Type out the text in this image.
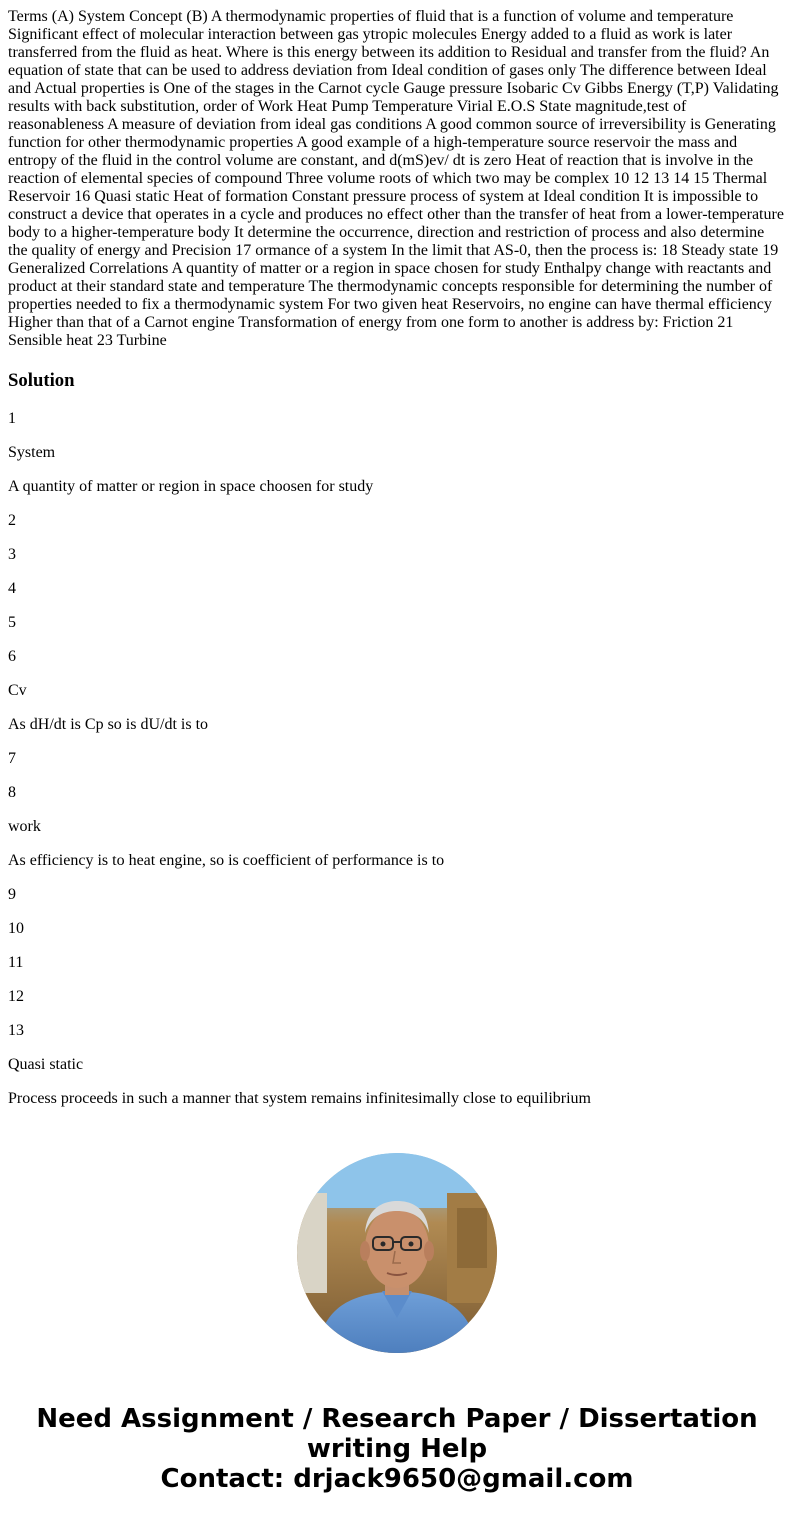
Terms (A) System Concept (B) A thermodynamic properties of fluid that is a function of volume and temperature Significant effect of molecular interaction between gas ytropic molecules Energy added to a fluid as work is later transferred from the fluid as heat. Where is this energy between its addition to Residual and transfer from the fluid? An equation of state that can be used to address deviation from Ideal condition of gases only The difference between Ideal and Actual properties is One of the stages in the Carnot cycle Gauge pressure Isobaric Cv Gibbs Energy (T,P) Validating results with back substitution, order of Work Heat Pump Temperature Virial E.O.S State magnitude,test of reasonableness A measure of deviation from ideal gas conditions A good common source of irreversibility is Generating function for other thermodynamic properties A good example of a high-temperature source reservoir the mass and entropy of the fluid in the control volume are constant, and d(mS)ev/ dt is zero Heat of reaction that is involve in the reaction of elemental species of compound Three volume roots of which two may be complex 10 12 13 14 15 Thermal Reservoir 16 Quasi static Heat of formation Constant pressure process of system at Ideal condition It is impossible to construct a device that operates in a cycle and produces no effect other than the transfer of heat from a lower-temperature body to a higher-temperature body It determine the occurrence, direction and restriction of process and also determine the quality of energy and Precision 17 ormance of a system In the limit that AS-0, then the process is: 18 Steady state 19 Generalized Correlations A quantity of matter or a region in space chosen for study Enthalpy change with reactants and product at their standard state and temperature The thermodynamic concepts responsible for determining the number of properties needed to fix a thermodynamic system For two given heat Reservoirs, no engine can have thermal efficiency Higher than that of a Carnot engine Transformation of energy from one form to another is address by: Friction 21 Sensible heat 23 Turbine
Solution

1

System

A quantity of matter or region in space choosen for study

2

3

4

5

6

Cv

As dH/dt is Cp so is dU/dt is to

7

8

work

As efficiency is to heat engine, so is coefficient of performance is to

9

10

11

12

13

Quasi static

Process proceeds in such a manner that system remains infinitesimally close to equilibrium

Need Assignment / Research Paper / Dissertation
writing Help
Contact: drjack9650@gmail.com
